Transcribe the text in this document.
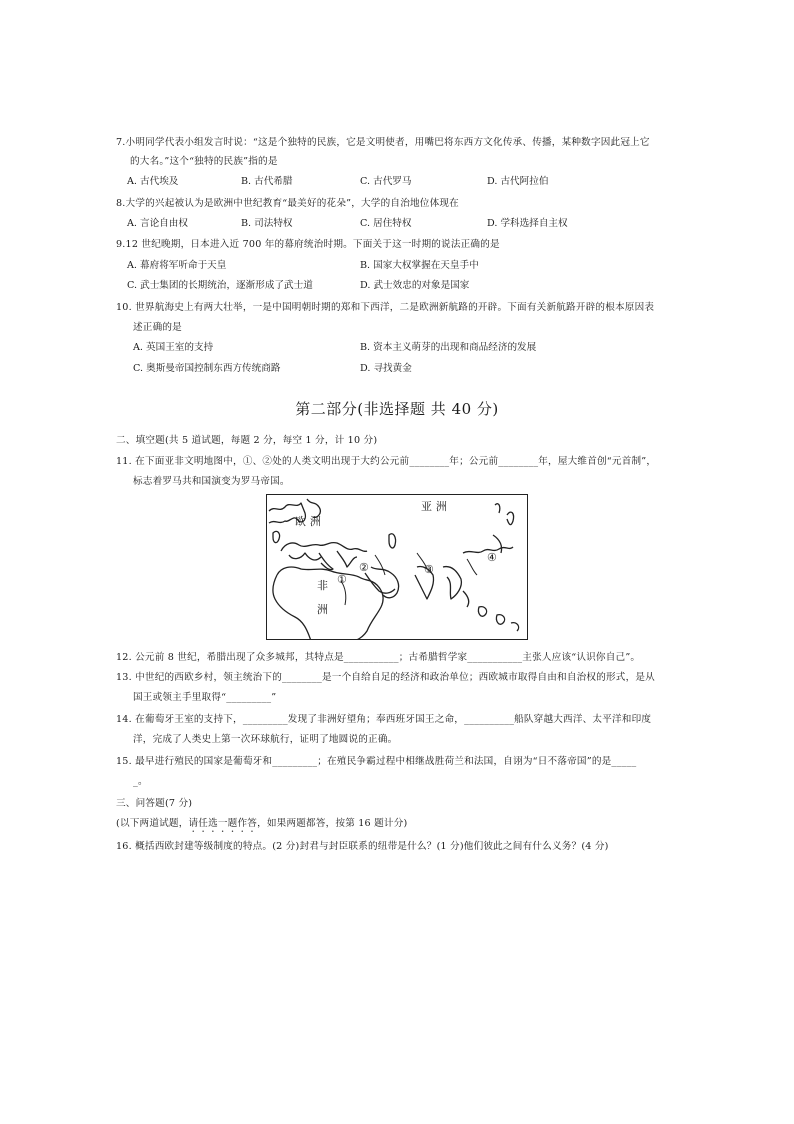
7.小明同学代表小组发言时说：“这是个独特的民族，它是文明使者，用嘴巴将东西方文化传承、传播，某种数字因此冠上它
的大名。”这个“独特的民族”指的是
A. 古代埃及	B. 古代希腊	C. 古代罗马	D. 古代阿拉伯
8.大学的兴起被认为是欧洲中世纪教育“最美好的花朵”，大学的自治地位体现在
A. 言论自由权	B. 司法特权	C. 居住特权	D. 学科选择自主权
9.12 世纪晚期，日本进入近 700 年的幕府统治时期。下面关于这一时期的说法正确的是
A. 幕府将军听命于天皇	B. 国家大权掌握在天皇手中
C. 武士集团的长期统治，逐渐形成了武士道	D. 武士效忠的对象是国家
10. 世界航海史上有两大壮举，一是中国明朝时期的郑和下西洋，二是欧洲新航路的开辟。下面有关新航路开辟的根本原因表
述正确的是
A. 英国王室的支持	B. 资本主义萌芽的出现和商品经济的发展
C. 奥斯曼帝国控制东西方传统商路	D. 寻找黄金
第二部分(非选择题 共 40 分)
二、填空题(共 5 道试题，每题 2 分，每空 1 分，计 10 分)
11. 在下面亚非文明地图中，①、②处的人类文明出现于大约公元前________年；公元前________年，屋大维首创“元首制”，
标志着罗马共和国演变为罗马帝国。
欧 洲
亚 洲
非
洲
①
②	③
④
12. 公元前 8 世纪，希腊出现了众多城邦，其特点是___________；古希腊哲学家___________主张人应该“认识你自己”。
13. 中世纪的西欧乡村，领主统治下的________是一个自给自足的经济和政治单位；西欧城市取得自由和自治权的形式，是从
国王或领主手里取得“_________”
14. 在葡萄牙王室的支持下，_________发现了非洲好望角；奉西班牙国王之命，__________船队穿越大西洋、太平洋和印度
洋，完成了人类史上第一次环球航行，证明了地圆说的正确。
15. 最早进行殖民的国家是葡萄牙和_________；在殖民争霸过程中相继战胜荷兰和法国，自诩为“日不落帝国”的是_____
_。
三、问答题(7 分)
(以下两道试题，请任选一题作答，如果两题都答，按第 16 题计分)
16. 概括西欧封建等级制度的特点。(2 分)封君与封臣联系的纽带是什么？(1 分)他们彼此之间有什么义务？(4 分)
